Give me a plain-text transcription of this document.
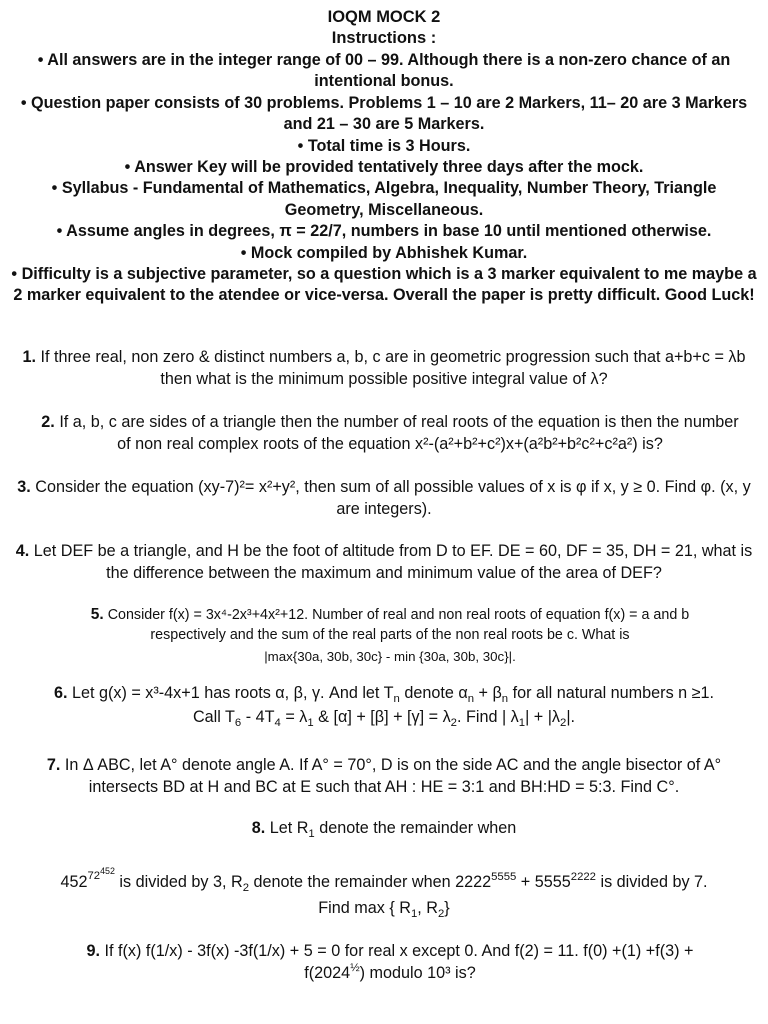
IOQM MOCK 2
Instructions :
• All answers are in the integer range of 00 – 99. Although there is a non-zero chance of an intentional bonus.
• Question paper consists of 30 problems. Problems 1 – 10 are 2 Markers, 11– 20 are 3 Markers and 21 – 30 are 5 Markers.
• Total time is 3 Hours.
• Answer Key will be provided tentatively three days after the mock.
• Syllabus - Fundamental of Mathematics, Algebra, Inequality, Number Theory, Triangle Geometry, Miscellaneous.
• Assume angles in degrees, π = 22/7, numbers in base 10 until mentioned otherwise.
• Mock compiled by Abhishek Kumar.
• Difficulty is a subjective parameter, so a question which is a 3 marker equivalent to me maybe a 2 marker equivalent to the atendee or vice-versa. Overall the paper is pretty difficult. Good Luck!
1. If three real, non zero & distinct numbers a, b, c are in geometric progression such that a+b+c = λb then what is the minimum possible positive integral value of λ?
2. If a, b, c are sides of a triangle then the number of real roots of the equation is then the number of non real complex roots of the equation x²-(a²+b²+c²)x+(a²b²+b²c²+c²a²) is?
3. Consider the equation (xy-7)²= x²+y², then sum of all possible values of x is φ if x, y ≥ 0. Find φ. (x, y are integers).
4. Let DEF be a triangle, and H be the foot of altitude from D to EF. DE = 60, DF = 35, DH = 21, what is the difference between the maximum and minimum value of the area of DEF?
5. Consider f(x) = 3x⁴-2x³+4x²+12. Number of real and non real roots of equation f(x) = a and b respectively and the sum of the real parts of the non real roots be c. What is
|max{30a, 30b, 30c} - min {30a, 30b, 30c}|.
6. Let g(x) = x³-4x+1 has roots α, β, γ. And let $T_n$ denote $\alpha_n + \beta_n$ for all natural numbers n ≥1.
Call $T_6 - 4T_4 = \lambda_1$ & $[\alpha] + [\beta] + [\gamma] = \lambda_2$. Find | $\lambda_1| + |\lambda_2|$.
7. In Δ ABC, let A° denote angle A. If A° = 70°, D is on the side AC and the angle bisector of A° intersects BD at H and BC at E such that AH : HE = 3:1 and BH:HD = 5:3. Find C°.
8. Let $R_1$ denote the remainder when
$452^{72452}$ is divided by 3, $R_2$ denote the remainder when $2222^{5555} + 5555^{2222}$ is divided by 7.
Find max { $R_1$, $R_2$}
9. If f(x) f(1/x) - 3f(x) -3f(1/x) + 5 = 0 for real x except 0. And f(2) = 11. f(0) +(1) +f(3) +
$f(2024^{\frac{1}{2}})$ modulo 10³ is?
